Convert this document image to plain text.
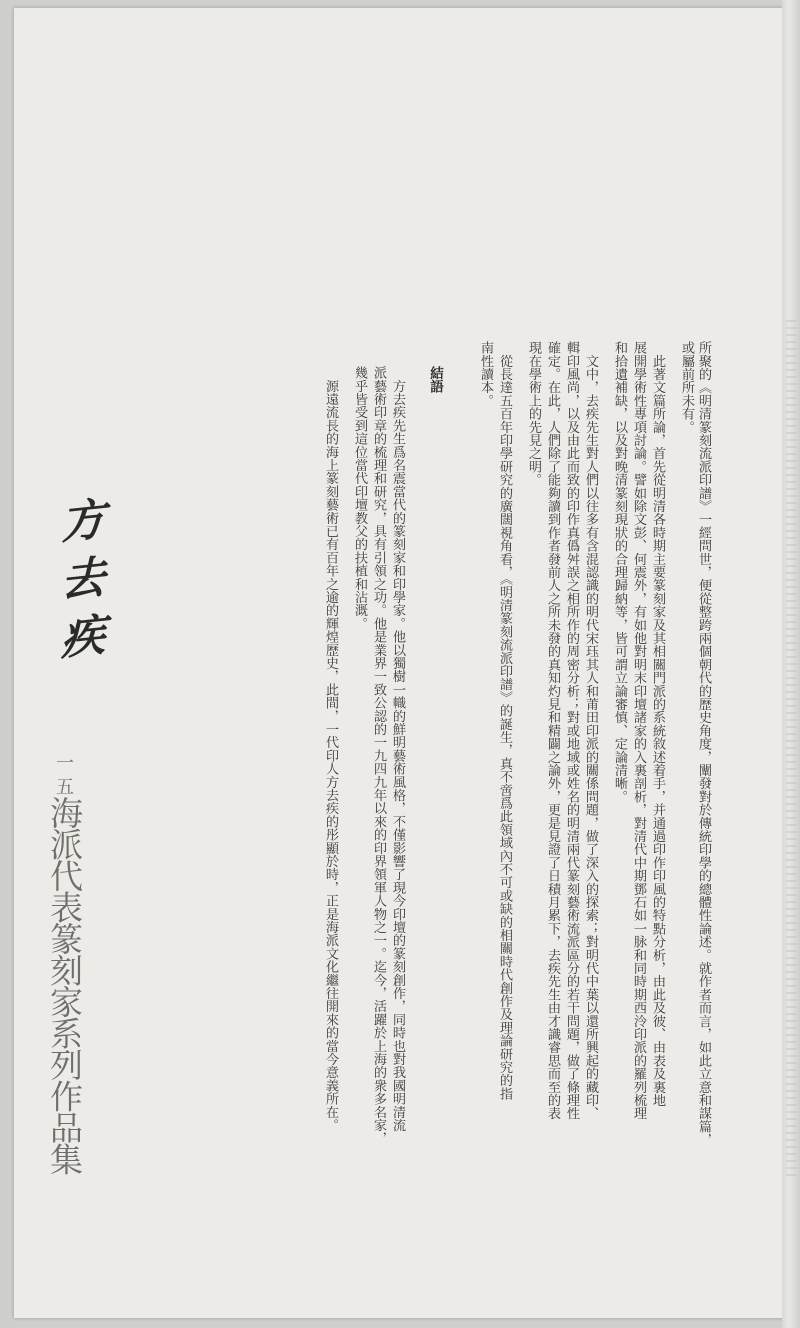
所聚的《明清篆刻流派印譜》一經問世，便從整跨兩個朝代的歷史角度，闡發對於傳統印學的總體性論述。就作者而言，如此立意和謀篇，
或屬前所未有。
　此著文篇所論，首先從明清各時期主要篆刻家及其相關門派的系統敘述着手，并通過印作印風的特點分析，由此及彼、由表及裏地
展開學術性專項討論。譬如除文彭、何震外，有如他對明末印壇諸家的入裏剖析，對清代中期鄧石如一脉和同時期西泠印派的羅列梳理
和拾遺補缺，以及對晚清篆刻現狀的合理歸納等，皆可謂立論審慎、定論清晰。
　文中，去疾先生對人們以往多有含混認識的明代宋珏其人和莆田印派的關係問題，做了深入的探索；對明代中葉以還所興起的藏印、
輯印風尚，以及由此而致的印作真僞舛誤之相所作的周密分析；對或地域或姓名的明清兩代篆刻藝術流派區分的若干問題，做了條理性
確定。在此，人們除了能夠讀到作者發前人之所未發的真知灼見和精闢之論外，更是見證了日積月累下，去疾先生由才識睿思而至的表
現在學術上的先見之明。
　從長達五百年印學研究的廣闊視角看，《明清篆刻流派印譜》的誕生，真不啻爲此領域內不可或缺的相關時代創作及理論研究的指
南性讀本。
結語
　方去疾先生爲名震當代的篆刻家和印學家。他以獨樹一幟的鮮明藝術風格，不僅影響了現今印壇的篆刻創作，同時也對我國明清流
派藝術印章的梳理和研究，具有引領之功。他是業界一致公認的一九四九年以來的印界領軍人物之一。迄今，活躍於上海的衆多名家，
幾乎皆受到這位當代印壇教父的扶植和沾溉。
　源遠流長的海上篆刻藝術已有百年之逾的輝煌歷史，此間，一代印人方去疾的彤顯於時，正是海派文化繼往開來的當今意義所在。
方去疾
一五
海派代表篆刻家系列作品集
